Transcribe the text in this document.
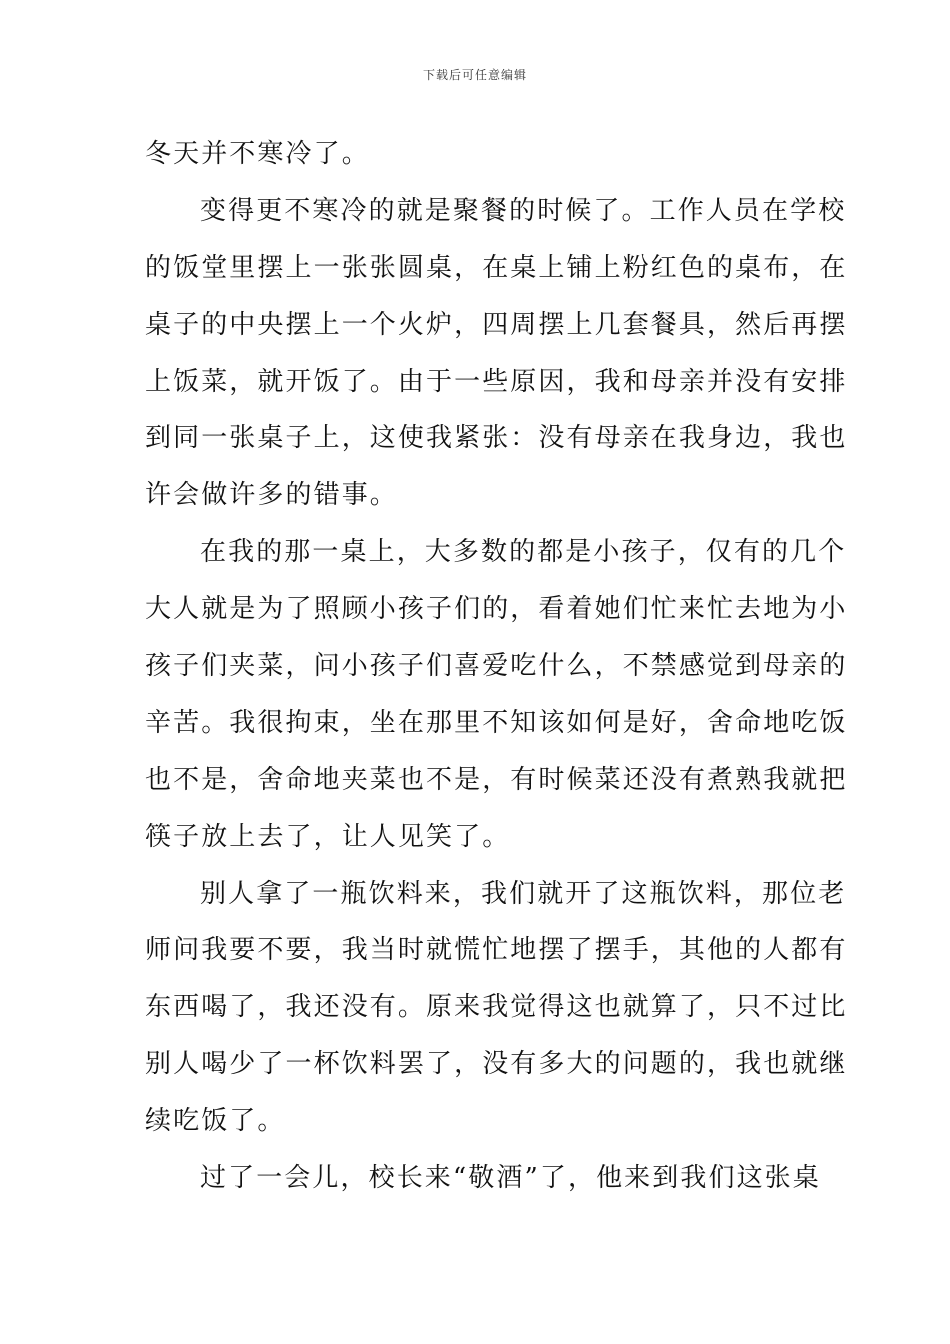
下载后可任意编辑
冬天并不寒冷了。
变得更不寒冷的就是聚餐的时候了。工作人员在学校
的饭堂里摆上一张张圆桌，在桌上铺上粉红色的桌布，在
桌子的中央摆上一个火炉，四周摆上几套餐具，然后再摆
上饭菜，就开饭了。由于一些原因，我和母亲并没有安排
到同一张桌子上，这使我紧张：没有母亲在我身边，我也
许会做许多的错事。
在我的那一桌上，大多数的都是小孩子，仅有的几个
大人就是为了照顾小孩子们的，看着她们忙来忙去地为小
孩子们夹菜，问小孩子们喜爱吃什么，不禁感觉到母亲的
辛苦。我很拘束，坐在那里不知该如何是好，舍命地吃饭
也不是，舍命地夹菜也不是，有时候菜还没有煮熟我就把
筷子放上去了，让人见笑了。
别人拿了一瓶饮料来，我们就开了这瓶饮料，那位老
师问我要不要，我当时就慌忙地摆了摆手，其他的人都有
东西喝了，我还没有。原来我觉得这也就算了，只不过比
别人喝少了一杯饮料罢了，没有多大的问题的，我也就继
续吃饭了。
过了一会儿，校长来“敬酒”了，他来到我们这张桌
